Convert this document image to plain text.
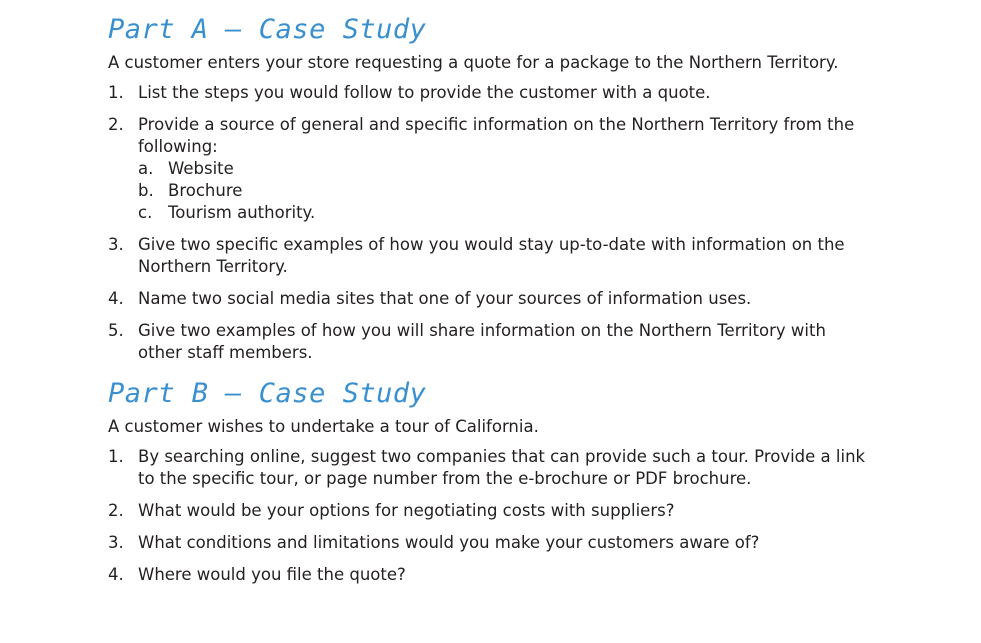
Part A – Case Study

A customer enters your store requesting a quote for a package to the Northern Territory.

1. List the steps you would follow to provide the customer with a quote.
2. Provide a source of general and specific information on the Northern Territory from the following:
a. Website
b. Brochure
c. Tourism authority.
3. Give two specific examples of how you would stay up-to-date with information on the Northern Territory.
4. Name two social media sites that one of your sources of information uses.
5. Give two examples of how you will share information on the Northern Territory with other staff members.
Part B – Case Study

A customer wishes to undertake a tour of California.

1. By searching online, suggest two companies that can provide such a tour. Provide a link to the specific tour, or page number from the e-brochure or PDF brochure.
2. What would be your options for negotiating costs with suppliers?
3. What conditions and limitations would you make your customers aware of?
4. Where would you file the quote?
